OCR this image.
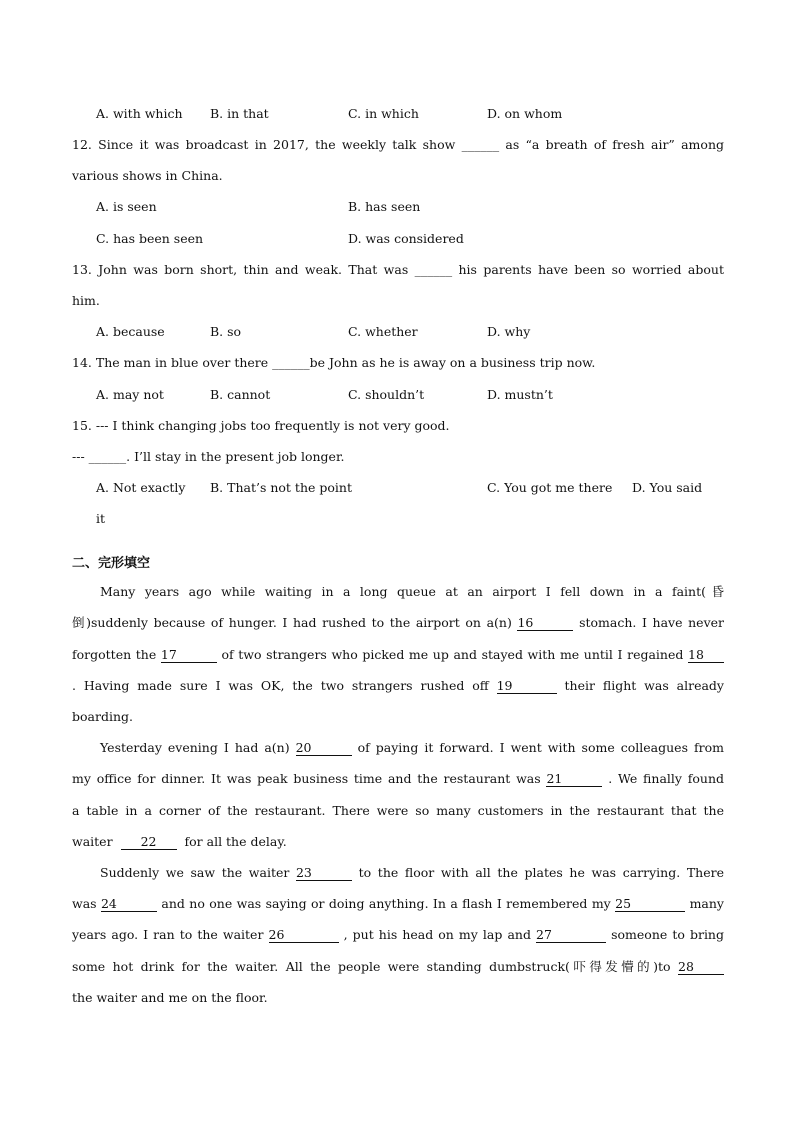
A. with which B. in that	C. in which	D. on whom
12. Since it was broadcast in 2017, the weekly talk show ______ as “a breath of fresh air” among
various shows in China.
A. is seen	B. has seen
C. has been seen	D. was considered
13. John was born short, thin and weak. That was ______ his parents have been so worried about
him.
A. because	B. so	C. whether	D. why
14. The man in blue over there ______be John as he is away on a business trip now.
A. may not	B. cannot	C. shouldn’t	D. mustn’t
15. --- I think changing jobs too frequently is not very good.
--- ______. I’ll stay in the present job longer.
A. Not exactly B. That’s not the point	C. You got me there D. You said
it
二、完形填空
Many years ago while waiting in a long queue at an airport I fell down in a faint(昏
倒)suddenly because of hunger. I had rushed to the airport on a(n) 16	stomach. I have never
forgotten the 17	of two strangers who picked me up and stayed with me until I regained 18
. Having made sure I was OK, the two strangers rushed off 19	their flight was already
boarding.
Yesterday evening I had a(n) 20	of paying it forward. I went with some colleagues from
my office for dinner. It was peak business time and the restaurant was 21	. We finally found
a table in a corner of the restaurant. There were so many customers in the restaurant that the
waiter 22 for all the delay.
Suddenly we saw the waiter 23	to the floor with all the plates he was carrying. There
was 24	and no one was saying or doing anything. In a flash I remembered my 25	many
years ago. I ran to the waiter 26	, put his head on my lap and 27	someone to bring
some hot drink for the waiter. All the people were standing dumbstruck(吓得发懵的)to 28
the waiter and me on the floor.
